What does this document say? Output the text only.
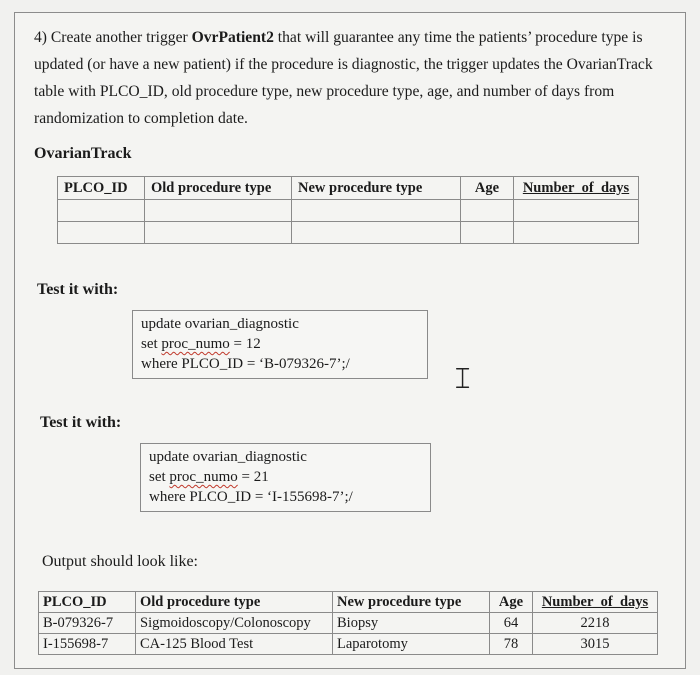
4) Create another trigger OvrPatient2 that will guarantee any time the patients’ procedure type is updated (or have a new patient) if the procedure is diagnostic, the trigger updates the OvarianTrack table with PLCO_ID, old procedure type, new procedure type, age, and number of days from randomization to completion date.

OvarianTrack

PLCO_ID	Old procedure type	New procedure type	Age	Number_of_days

Test it with:

update ovarian_diagnostic
set proc_numo = 12
where PLCO_ID = ‘B-079326-7’;/	𝙸

Test it with:

update ovarian_diagnostic
set proc_numo = 21
where PLCO_ID = ‘I-155698-7’;/

Output should look like:

PLCO_ID	Old procedure type	New procedure type	Age	Number_of_days
B-079326-7	Sigmoidoscopy/Colonoscopy	Biopsy	64	2218
I-155698-7	CA-125 Blood Test	Laparotomy	78	3015
